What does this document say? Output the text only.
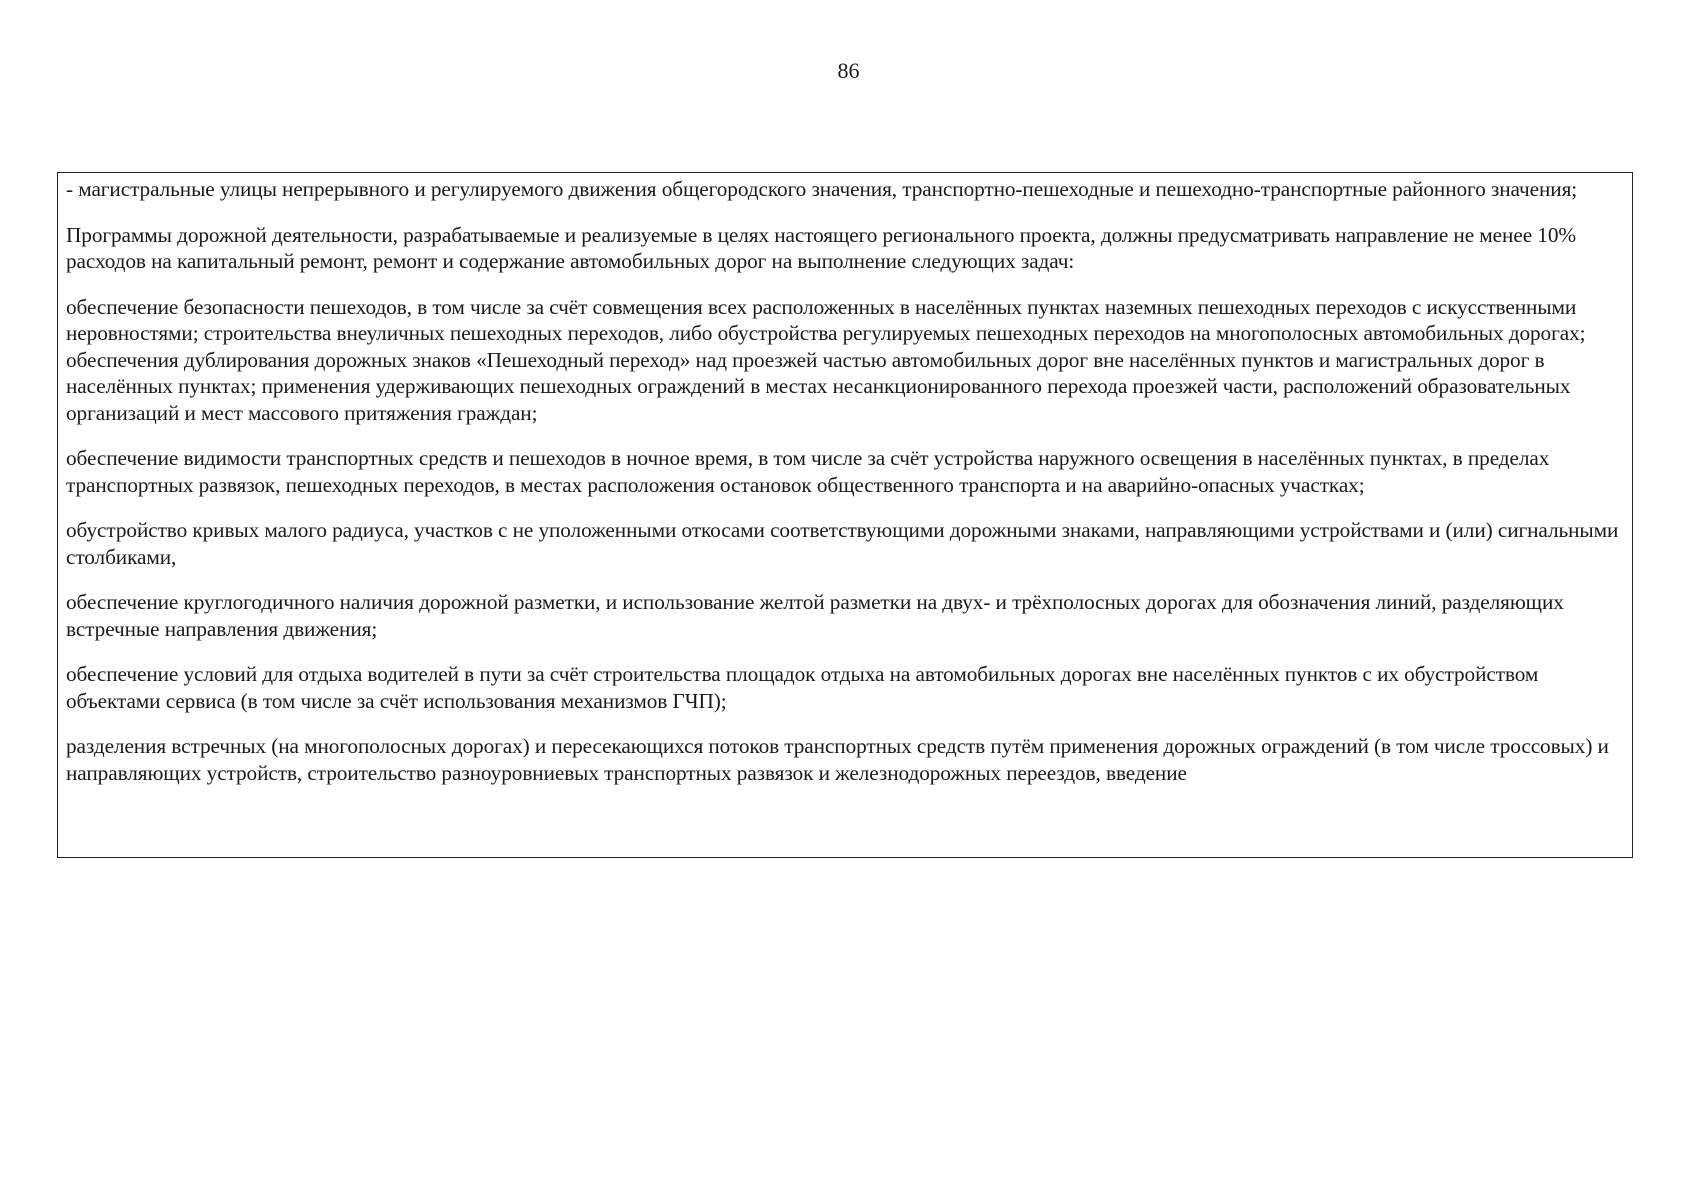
86

- магистральные улицы непрерывного и регулируемого движения общегородского значения, транспортно-пешеходные и пешеходно-транспортные районного значения;

Программы дорожной деятельности, разрабатываемые и реализуемые в целях настоящего регионального проекта, должны предусматривать направление не менее 10% расходов на капитальный ремонт, ремонт и содержание автомобильных дорог на выполнение следующих задач:

обеспечение безопасности пешеходов, в том числе за счёт совмещения всех расположенных в населённых пунктах наземных пешеходных переходов с искусственными неровностями; строительства внеуличных пешеходных переходов, либо обустройства регулируемых пешеходных переходов на многополосных автомобильных дорогах; обеспечения дублирования дорожных знаков «Пешеходный переход» над проезжей частью автомобильных дорог вне населённых пунктов и магистральных дорог в населённых пунктах; применения удерживающих пешеходных ограждений в местах несанкционированного перехода проезжей части, расположений образовательных организаций и мест массового притяжения граждан;

обеспечение видимости транспортных средств и пешеходов в ночное время, в том числе за счёт устройства наружного освещения в населённых пунктах, в пределах транспортных развязок, пешеходных переходов, в местах расположения остановок общественного транспорта и на аварийно-опасных участках;

обустройство кривых малого радиуса, участков с не уположенными откосами соответствующими дорожными знаками, направляющими устройствами и (или) сигнальными столбиками,

обеспечение круглогодичного наличия дорожной разметки, и использование желтой разметки на двух- и трёхполосных дорогах для обозначения линий, разделяющих встречные направления движения;

обеспечение условий для отдыха водителей в пути за счёт строительства площадок отдыха на автомобильных дорогах вне населённых пунктов с их обустройством объектами сервиса (в том числе за счёт использования механизмов ГЧП);

разделения встречных (на многополосных дорогах) и пересекающихся потоков транспортных средств путём применения дорожных ограждений (в том числе троссовых) и направляющих устройств, строительство разноуровниевых транспортных развязок и железнодорожных переездов, введение
